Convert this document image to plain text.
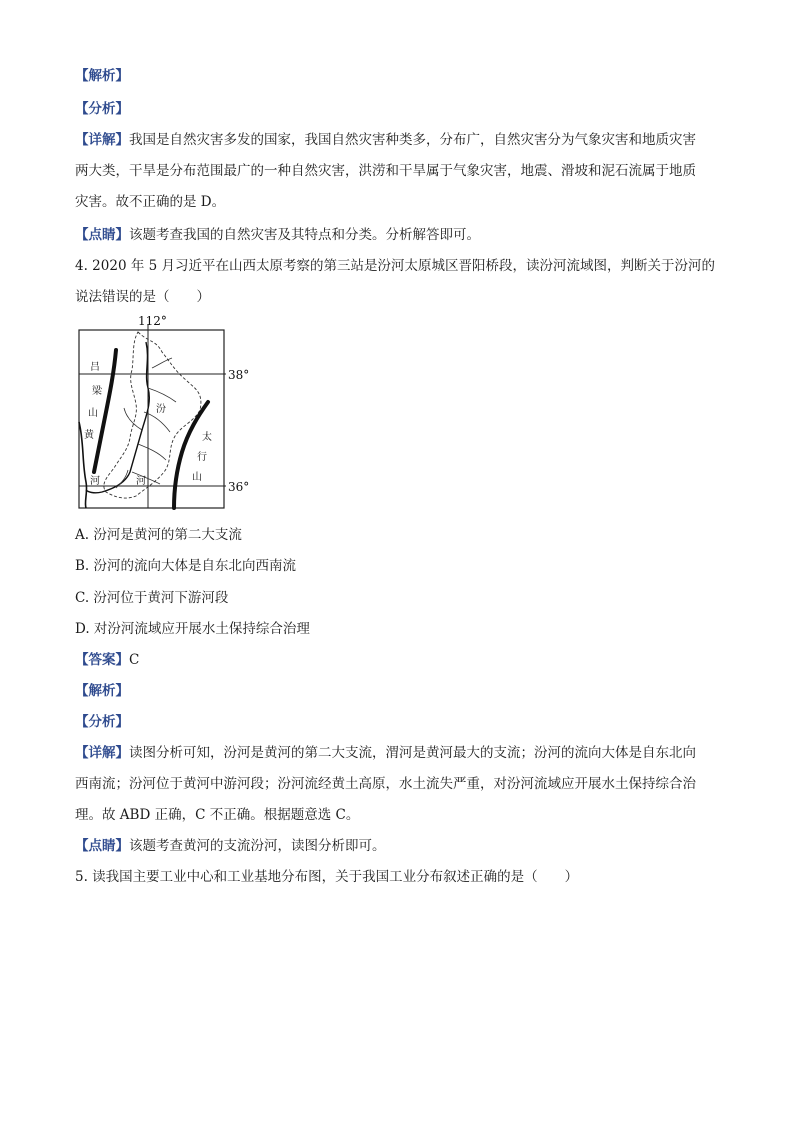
【解析】
【分析】
【详解】我国是自然灾害多发的国家，我国自然灾害种类多，分布广，自然灾害分为气象灾害和地质灾害
两大类，干旱是分布范围最广的一种自然灾害，洪涝和干旱属于气象灾害，地震、滑坡和泥石流属于地质
灾害。故不正确的是 D。
【点睛】该题考查我国的自然灾害及其特点和分类。分析解答即可。
4. 2020 年 5 月习近平在山西太原考察的第三站是汾河太原城区晋阳桥段，读汾河流域图，判断关于汾河的
说法错误的是（　　）
112°
38°
36°
吕
梁
山
黄
汾
河	河
太
行
山
A. 汾河是黄河的第二大支流
B. 汾河的流向大体是自东北向西南流
C. 汾河位于黄河下游河段
D. 对汾河流域应开展水土保持综合治理
【答案】C
【解析】
【分析】
【详解】读图分析可知，汾河是黄河的第二大支流，渭河是黄河最大的支流；汾河的流向大体是自东北向
西南流；汾河位于黄河中游河段；汾河流经黄土高原，水土流失严重，对汾河流域应开展水土保持综合治
理。故 ABD 正确，C 不正确。根据题意选 C。
【点睛】该题考查黄河的支流汾河，读图分析即可。
5. 读我国主要工业中心和工业基地分布图，关于我国工业分布叙述正确的是（　　）
